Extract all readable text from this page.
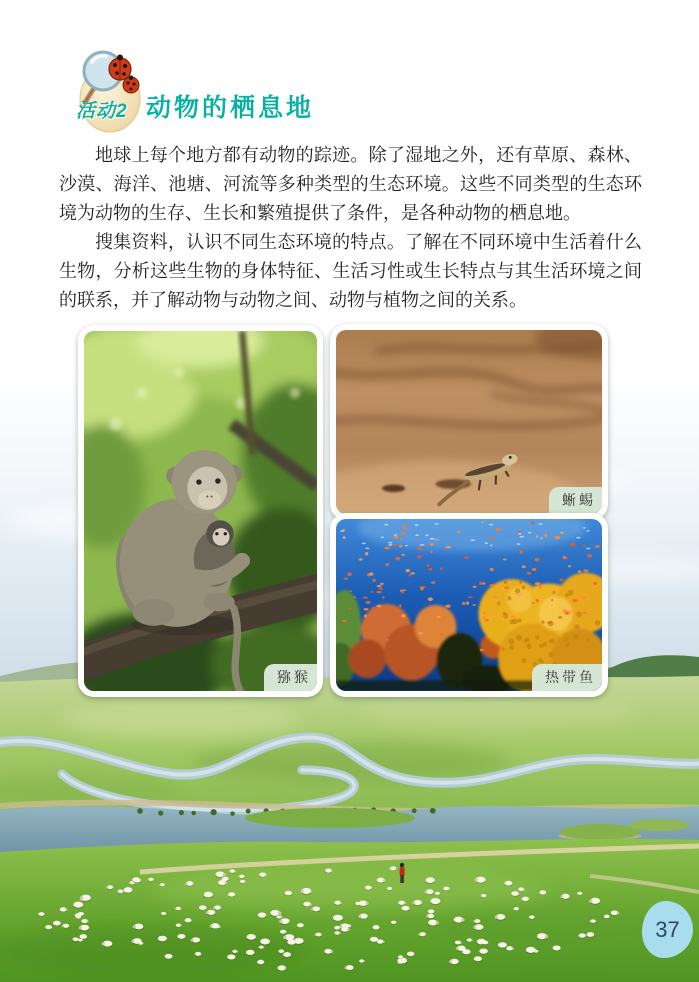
活动2 动物的栖息地

地球上每个地方都有动物的踪迹。除了湿地之外，还有草原、森林、沙漠、海洋、池塘、河流等多种类型的生态环境。这些不同类型的生态环境为动物的生存、生长和繁殖提供了条件，是各种动物的栖息地。

搜集资料，认识不同生态环境的特点。了解在不同环境中生活着什么生物，分析这些生物的身体特征、生活习性或生长特点与其生活环境之间的联系，并了解动物与动物之间、动物与植物之间的关系。

猕猴
蜥蜴
热带鱼
37
